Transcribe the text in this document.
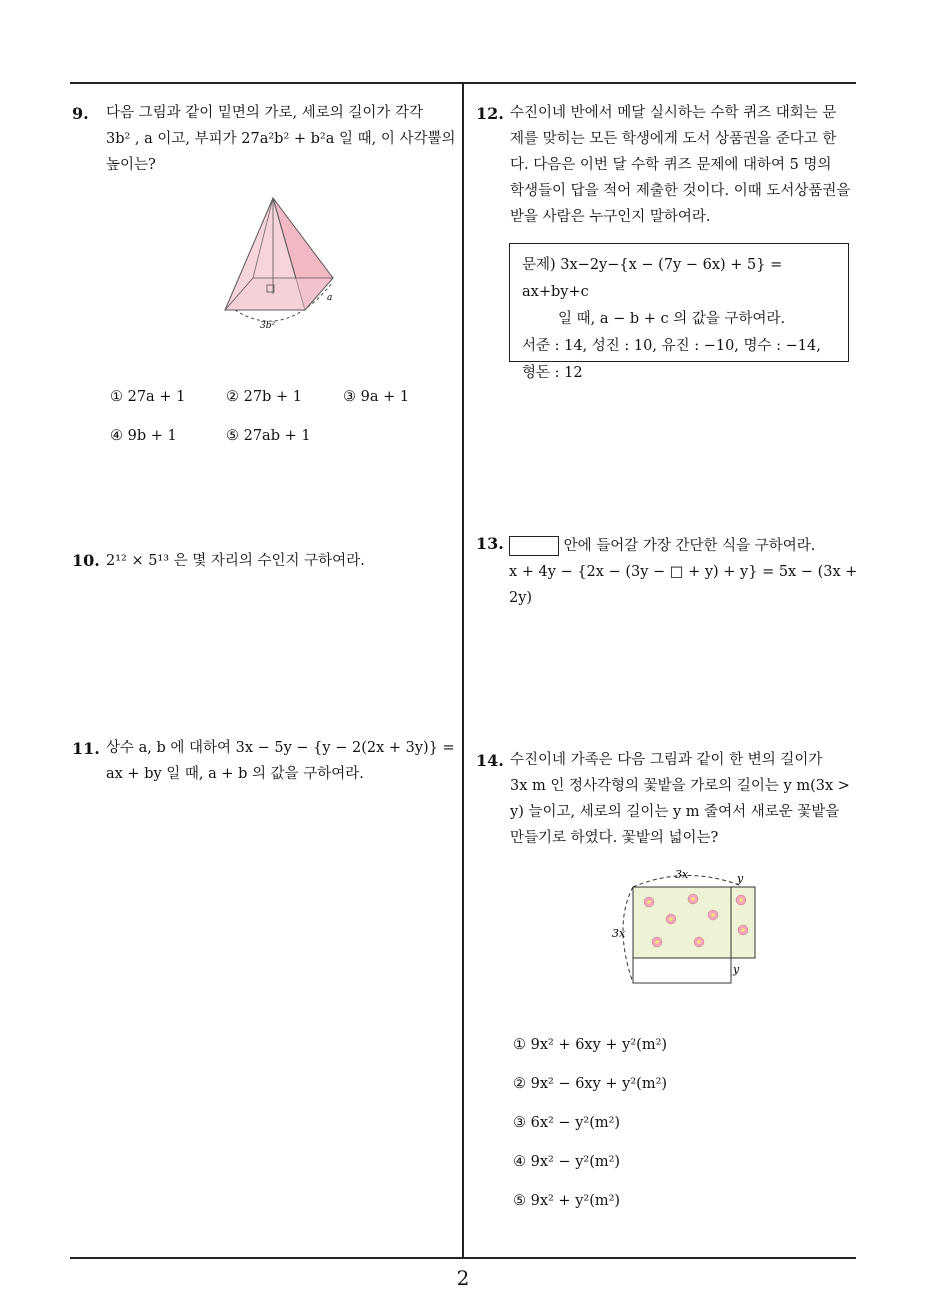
9. 다음 그림과 같이 밑면의 가로, 세로의 길이가 각각
3b² , a 이고, 부피가 27a²b² + b²a 일 때, 이 사각뿔의
높이는?
a
3b²
① 27a + 1	② 27b + 1	③ 9a + 1
④ 9b + 1	⑤ 27ab + 1
10. 2¹² × 5¹³ 은 몇 자리의 수인지 구하여라.
11. 상수 a, b 에 대하여 3x − 5y − {y − 2(2x + 3y)} =
ax + by 일 때, a + b 의 값을 구하여라.
12. 수진이네 반에서 메달 실시하는 수학 퀴즈 대회는 문
제를 맞히는 모든 학생에게 도서 상품권을 준다고 한
다. 다음은 이번 달 수학 퀴즈 문제에 대하여 5 명의
학생들이 답을 적어 제출한 것이다. 이때 도서상품권을
받을 사람은 누구인지 말하여라.
문제) 3x−2y−{x − (7y − 6x) + 5} = ax+by+c
일 때, a − b + c 의 값을 구하여라.
서준 : 14, 성진 : 10, 유진 : −10, 명수 : −14,
형돈 : 12
13.	안에 들어갈 가장 간단한 식을 구하여라.
x + 4y − {2x − (3y − □ + y) + y} = 5x − (3x + 2y)
14. 수진이네 가족은 다음 그림과 같이 한 변의 길이가
3x m 인 정사각형의 꽃밭을 가로의 길이는 y m(3x >
y) 늘이고, 세로의 길이는 y m 줄여서 새로운 꽃밭을
만들기로 하였다. 꽃밭의 넓이는?
3x	y
3x
y
① 9x² + 6xy + y²(m²)
② 9x² − 6xy + y²(m²)
③ 6x² − y²(m²)
④ 9x² − y²(m²)
⑤ 9x² + y²(m²)
2
